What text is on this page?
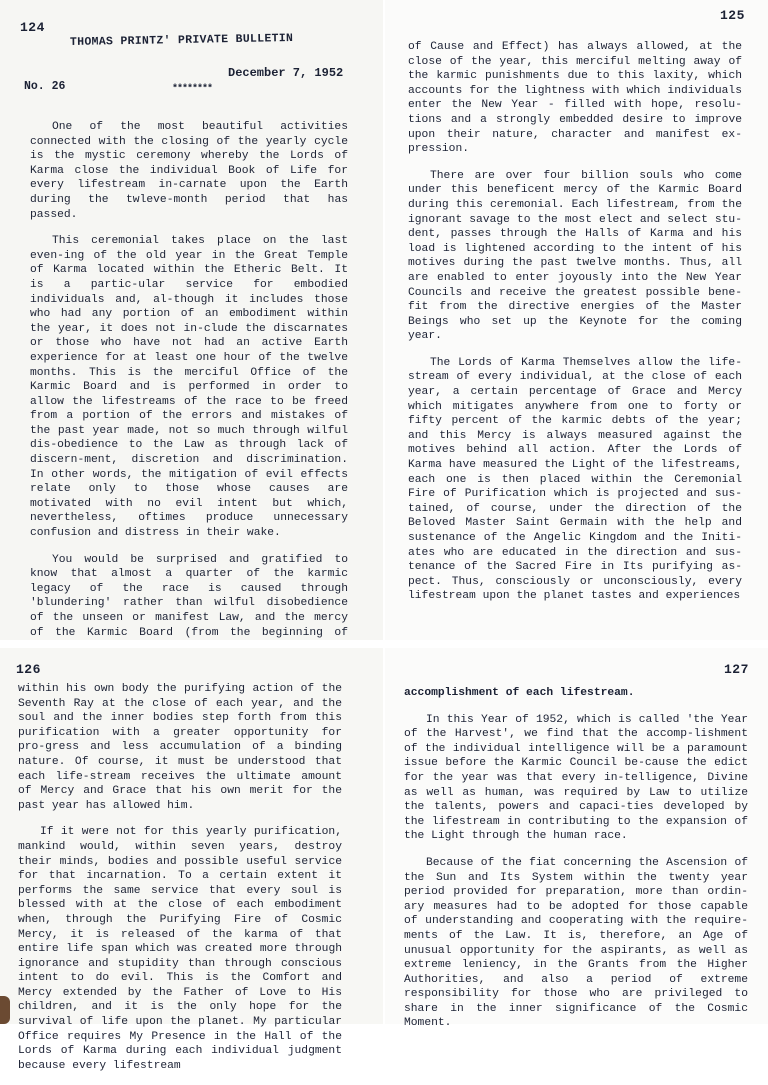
124
THOMAS PRINTZ' PRIVATE BULLETIN
December 7, 1952
No. 26	********

One of the most beautiful activities connected with the closing of the yearly cycle is the mystic ceremony whereby the Lords of Karma close the individual Book of Life for every lifestream in-carnate upon the Earth during the twleve-month period that has passed.

This ceremonial takes place on the last even-ing of the old year in the Great Temple of Karma located within the Etheric Belt. It is a partic-ular service for embodied individuals and, al-though it includes those who had any portion of an embodiment within the year, it does not in-clude the discarnates or those who have not had an active Earth experience for at least one hour of the twelve months. This is the merciful Office of the Karmic Board and is performed in order to allow the lifestreams of the race to be freed from a portion of the errors and mistakes of the past year made, not so much through wilful dis-obedience to the Law as through lack of discern-ment, discretion and discrimination. In other words, the mitigation of evil effects relate only to those whose causes are motivated with no evil intent but which, nevertheless, oftimes produce unnecessary confusion and distress in their wake.

You would be surprised and gratified to know that almost a quarter of the karmic legacy of the race is caused through 'blundering' rather than wilful disobedience of the unseen or manifest Law, and the mercy of the Karmic Board (from the beginning of

125

of Cause and Effect) has always allowed, at the close of the year, this merciful melting away of the karmic punishments due to this laxity, which accounts for the lightness with which individuals enter the New Year - filled with hope, resolu-tions and a strongly embedded desire to improve upon their nature, character and manifest ex-pression.

There are over four billion souls who come under this beneficent mercy of the Karmic Board during this ceremonial. Each lifestream, from the ignorant savage to the most elect and select stu-dent, passes through the Halls of Karma and his load is lightened according to the intent of his motives during the past twelve months. Thus, all are enabled to enter joyously into the New Year Councils and receive the greatest possible bene-fit from the directive energies of the Master Beings who set up the Keynote for the coming year.

The Lords of Karma Themselves allow the life-stream of every individual, at the close of each year, a certain percentage of Grace and Mercy which mitigates anywhere from one to forty or fifty percent of the karmic debts of the year; and this Mercy is always measured against the motives behind all action. After the Lords of Karma have measured the Light of the lifestreams, each one is then placed within the Ceremonial Fire of Purification which is projected and sus-tained, of course, under the direction of the Beloved Master Saint Germain with the help and sustenance of the Angelic Kingdom and the Initi-ates who are educated in the direction and sus-tenance of the Sacred Fire in Its purifying as-pect. Thus, consciously or unconsciously, every lifestream upon the planet tastes and experiences

126

within his own body the purifying action of the Seventh Ray at the close of each year, and the soul and the inner bodies step forth from this purification with a greater opportunity for pro-gress and less accumulation of a binding nature. Of course, it must be understood that each life-stream receives the ultimate amount of Mercy and Grace that his own merit for the past year has allowed him.

If it were not for this yearly purification, mankind would, within seven years, destroy their minds, bodies and possible useful service for that incarnation. To a certain extent it performs the same service that every soul is blessed with at the close of each embodiment when, through the Purifying Fire of Cosmic Mercy, it is released of the karma of that entire life span which was created more through ignorance and stupidity than through conscious intent to do evil. This is the Comfort and Mercy extended by the Father of Love to His children, and it is the only hope for the survival of life upon the planet. My particular Office requires My Presence in the Hall of the Lords of Karma during each individual judgment because every lifestream

127

accomplishment of each lifestream.

In this Year of 1952, which is called 'the Year of the Harvest', we find that the accomp-lishment of the individual intelligence will be a paramount issue before the Karmic Council be-cause the edict for the year was that every in-telligence, Divine as well as human, was required by Law to utilize the talents, powers and capaci-ties developed by the lifestream in contributing to the expansion of the Light through the human race.

Because of the fiat concerning the Ascension of the Sun and Its System within the twenty year period provided for preparation, more than ordin-ary measures had to be adopted for those capable of understanding and cooperating with the require-ments of the Law. It is, therefore, an Age of unusual opportunity for the aspirants, as well as extreme leniency, in the Grants from the Higher Authorities, and also a period of extreme responsibility for those who are privileged to share in the inner significance of the Cosmic Moment.
